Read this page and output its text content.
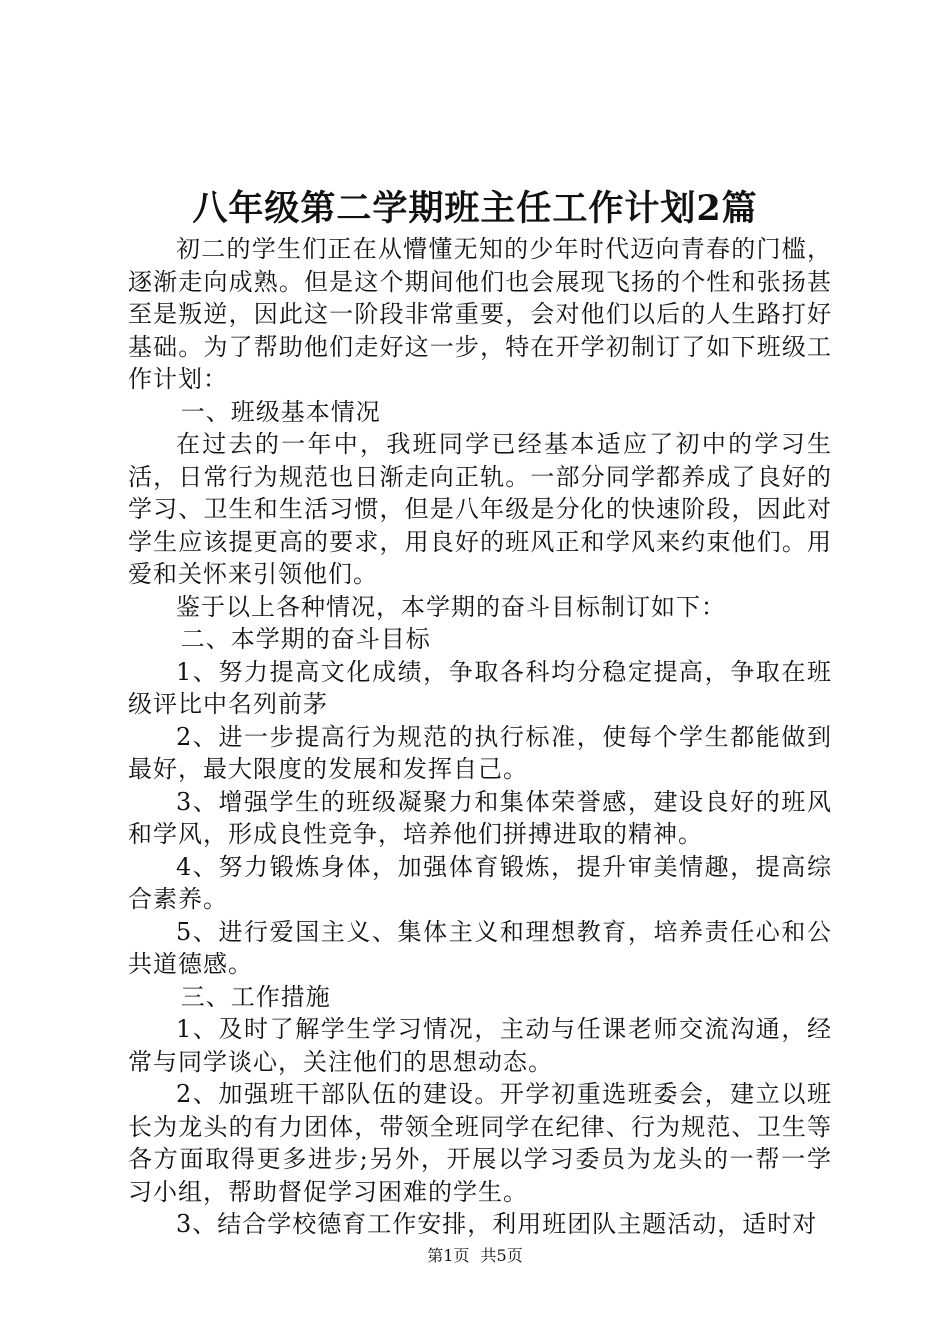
八年级第二学期班主任工作计划2篇

初二的学生们正在从懵懂无知的少年时代迈向青春的门槛，逐渐走向成熟。但是这个期间他们也会展现飞扬的个性和张扬甚至是叛逆，因此这一阶段非常重要，会对他们以后的人生路打好基础。为了帮助他们走好这一步，特在开学初制订了如下班级工作计划：

一、班级基本情况

在过去的一年中，我班同学已经基本适应了初中的学习生活，日常行为规范也日渐走向正轨。一部分同学都养成了良好的学习、卫生和生活习惯，但是八年级是分化的快速阶段，因此对学生应该提更高的要求，用良好的班风正和学风来约束他们。用爱和关怀来引领他们。

鉴于以上各种情况，本学期的奋斗目标制订如下：

二、本学期的奋斗目标

1、努力提高文化成绩，争取各科均分稳定提高，争取在班级评比中名列前茅

2、进一步提高行为规范的执行标准，使每个学生都能做到最好，最大限度的发展和发挥自己。

3、增强学生的班级凝聚力和集体荣誉感，建设良好的班风和学风，形成良性竞争，培养他们拼搏进取的精神。

4、努力锻炼身体，加强体育锻炼，提升审美情趣，提高综合素养。

5、进行爱国主义、集体主义和理想教育，培养责任心和公共道德感。

三、工作措施

1、及时了解学生学习情况，主动与任课老师交流沟通，经常与同学谈心，关注他们的思想动态。

2、加强班干部队伍的建设。开学初重选班委会，建立以班长为龙头的有力团体，带领全班同学在纪律、行为规范、卫生等各方面取得更多进步;另外，开展以学习委员为龙头的一帮一学习小组，帮助督促学习困难的学生。

3、结合学校德育工作安排，利用班团队主题活动，适时对

第1页 共5页
